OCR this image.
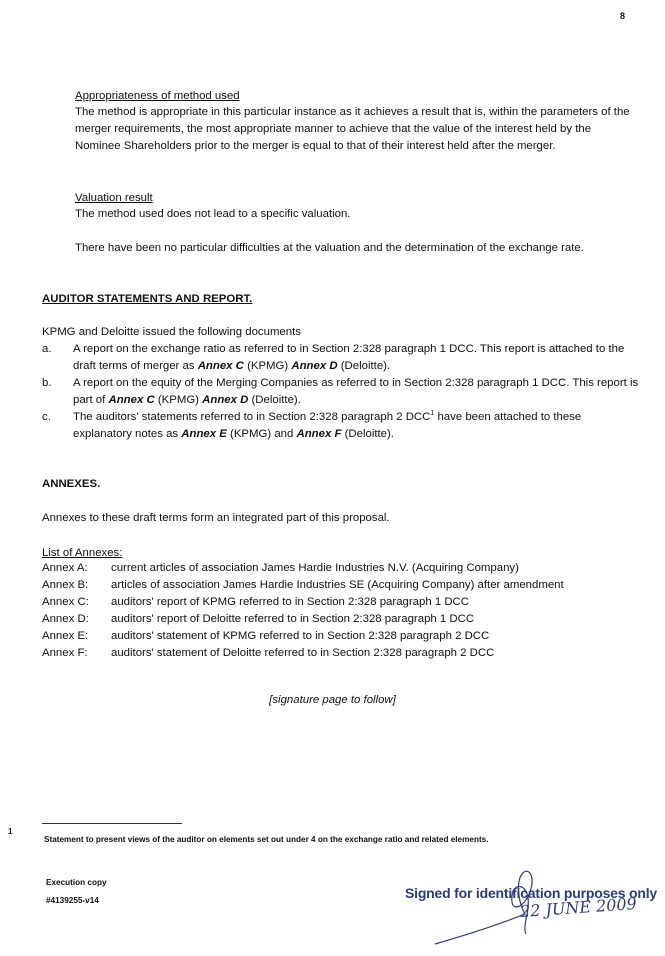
8
Appropriateness of method used
The method is appropriate in this particular instance as it achieves a result that is, within the parameters of the merger requirements, the most appropriate manner to achieve that the value of the interest held by the Nominee Shareholders prior to the merger is equal to that of their interest held after the merger.
Valuation result
The method used does not lead to a specific valuation.
There have been no particular difficulties at the valuation and the determination of the exchange rate.
AUDITOR STATEMENTS AND REPORT.
KPMG and Deloitte issued the following documents
a. A report on the exchange ratio as referred to in Section 2:328 paragraph 1 DCC. This report is attached to the draft terms of merger as Annex C (KPMG) Annex D (Deloitte).
b. A report on the equity of the Merging Companies as referred to in Section 2:328 paragraph 1 DCC. This report is part of Annex C (KPMG) Annex D (Deloitte).
c. The auditors' statements referred to in Section 2:328 paragraph 2 DCC$^1$ have been attached to these explanatory notes as Annex E (KPMG) and Annex F (Deloitte).
ANNEXES.
Annexes to these draft terms form an integrated part of this proposal.
List of Annexes:
Annex A: current articles of association James Hardie Industries N.V. (Acquiring Company)
Annex B: articles of association James Hardie Industries SE (Acquiring Company) after amendment
Annex C: auditors' report of KPMG referred to in Section 2:328 paragraph 1 DCC
Annex D: auditors' report of Deloitte referred to in Section 2:328 paragraph 1 DCC
Annex E: auditors' statement of KPMG referred to in Section 2:328 paragraph 2 DCC
Annex F: auditors' statement of Deloitte referred to in Section 2:328 paragraph 2 DCC
[signature page to follow]
1
Statement to present views of the auditor on elements set out under 4 on the exchange ratio and related elements.
Execution copy
#4139255-v14	Signed for identification purposes only
22 JUNE 2009
